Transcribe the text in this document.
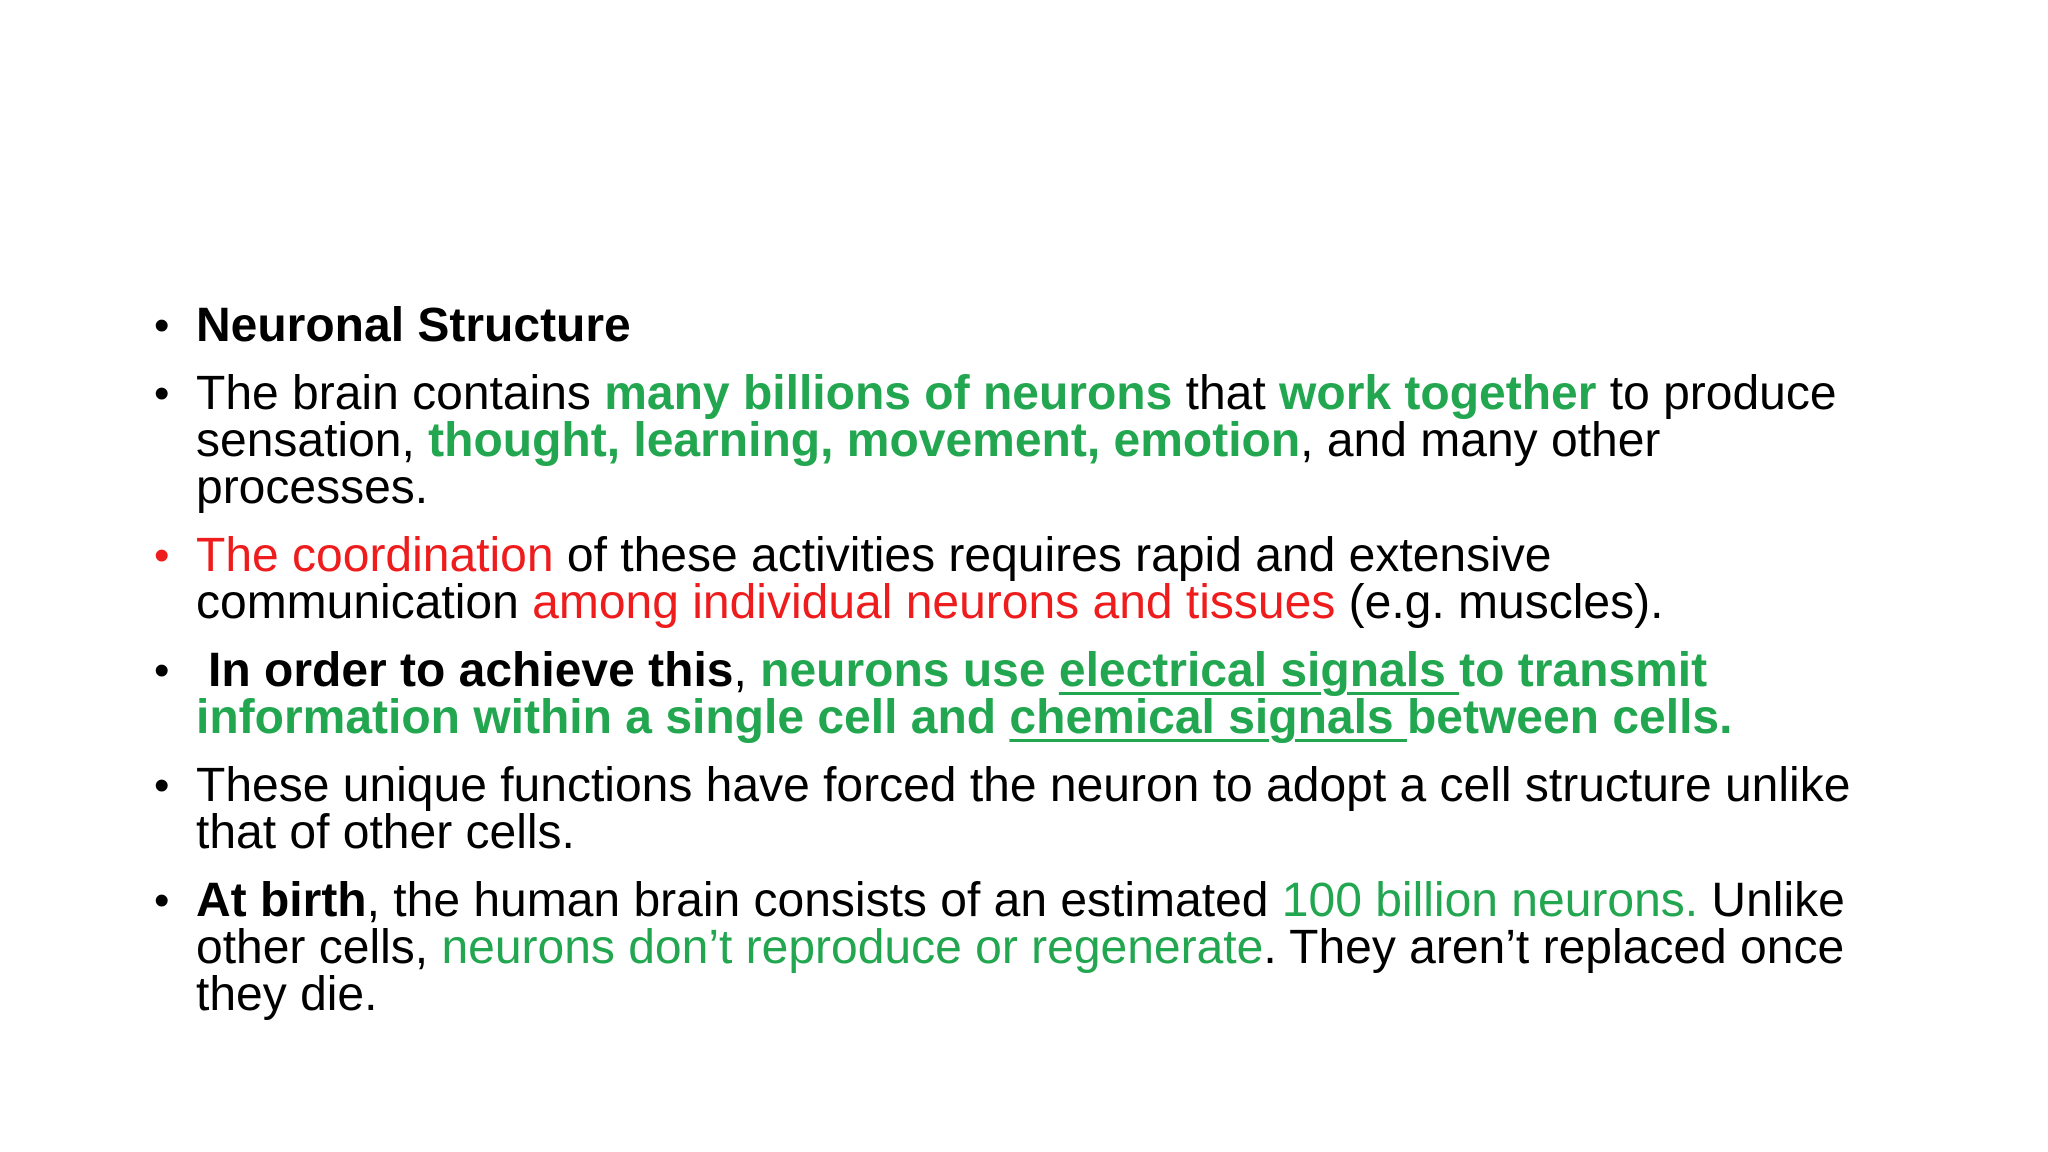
• Neuronal Structure
• The brain contains many billions of neurons that work together to produce sensation, thought, learning, movement, emotion, and many other processes.
• The coordination of these activities requires rapid and extensive communication among individual neurons and tissues (e.g. muscles).
• In order to achieve this, neurons use electrical signals to transmit information within a single cell and chemical signals between cells.
• These unique functions have forced the neuron to adopt a cell structure unlike that of other cells.
• At birth, the human brain consists of an estimated 100 billion neurons. Unlike other cells, neurons don’t reproduce or regenerate. They aren’t replaced once they die.
